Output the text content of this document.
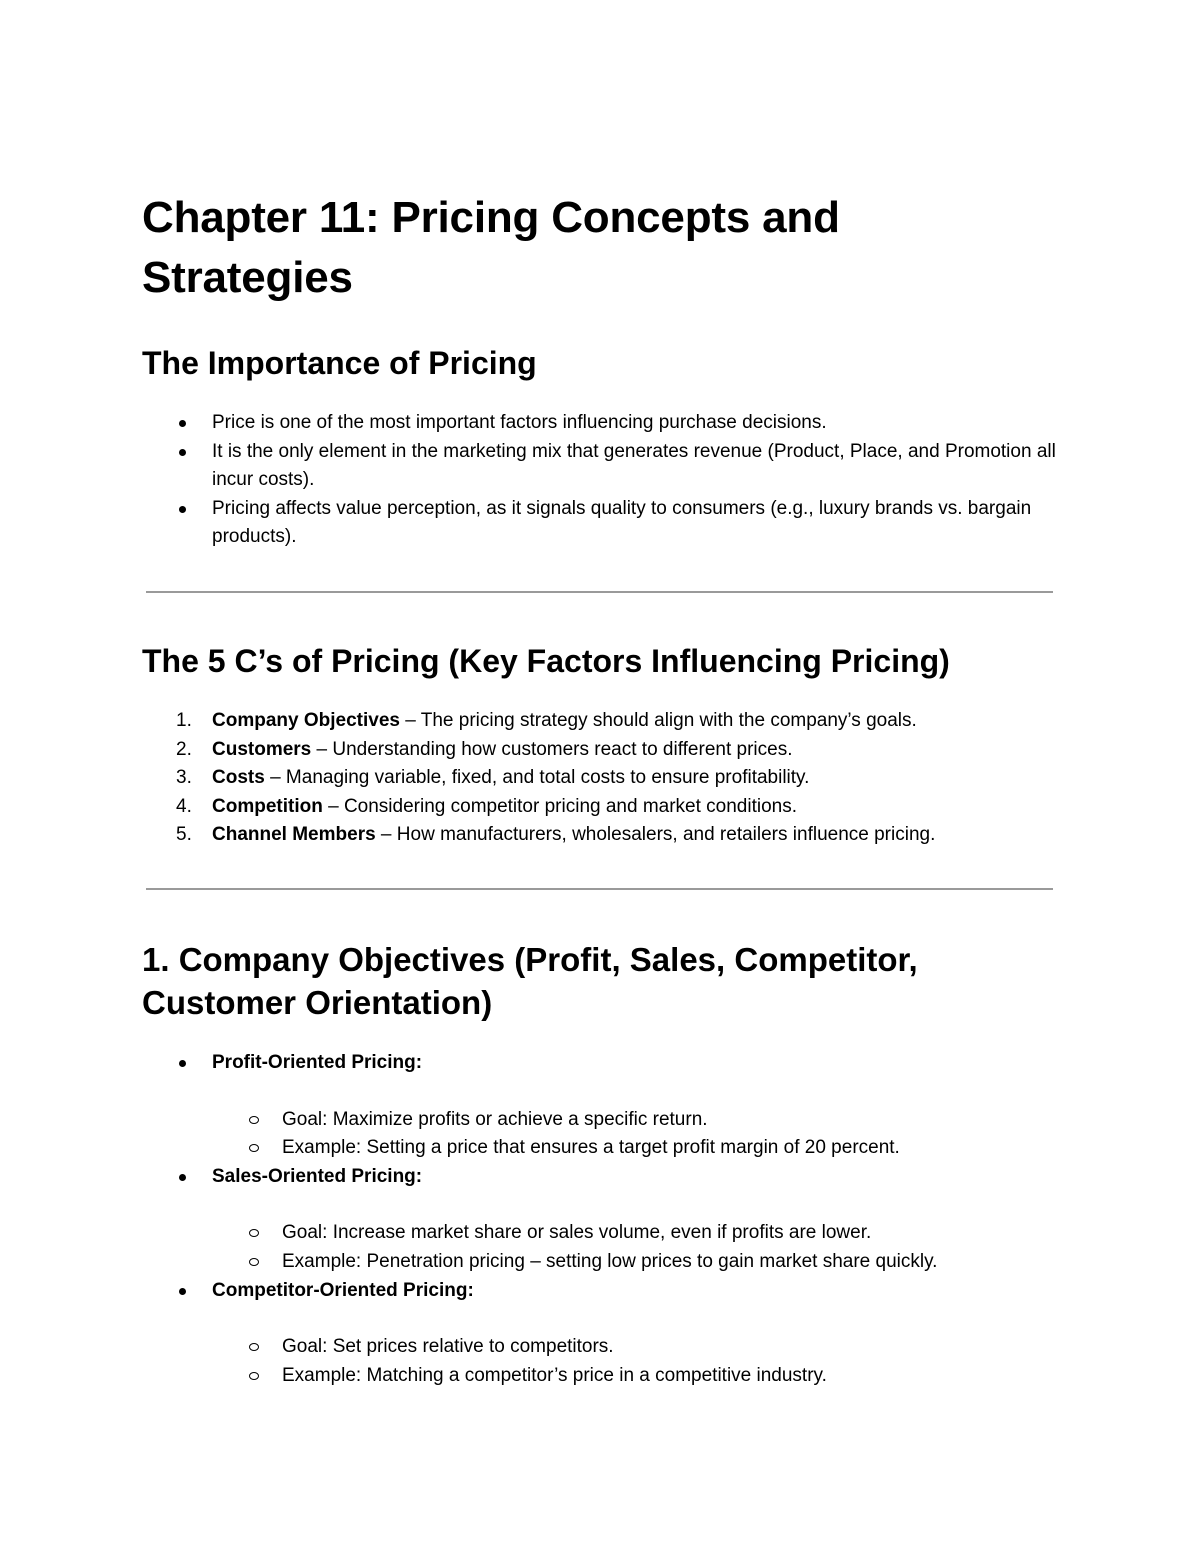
Chapter 11: Pricing Concepts and Strategies
The Importance of Pricing
Price is one of the most important factors influencing purchase decisions.
It is the only element in the marketing mix that generates revenue (Product, Place, and Promotion all incur costs).
Pricing affects value perception, as it signals quality to consumers (e.g., luxury brands vs. bargain products).
The 5 C’s of Pricing (Key Factors Influencing Pricing)
1. Company Objectives – The pricing strategy should align with the company’s goals.
2. Customers – Understanding how customers react to different prices.
3. Costs – Managing variable, fixed, and total costs to ensure profitability.
4. Competition – Considering competitor pricing and market conditions.
5. Channel Members – How manufacturers, wholesalers, and retailers influence pricing.
1. Company Objectives (Profit, Sales, Competitor, Customer Orientation)
Profit-Oriented Pricing:
Goal: Maximize profits or achieve a specific return.
Example: Setting a price that ensures a target profit margin of 20 percent.
Sales-Oriented Pricing:
Goal: Increase market share or sales volume, even if profits are lower.
Example: Penetration pricing – setting low prices to gain market share quickly.
Competitor-Oriented Pricing:
Goal: Set prices relative to competitors.
Example: Matching a competitor’s price in a competitive industry.
